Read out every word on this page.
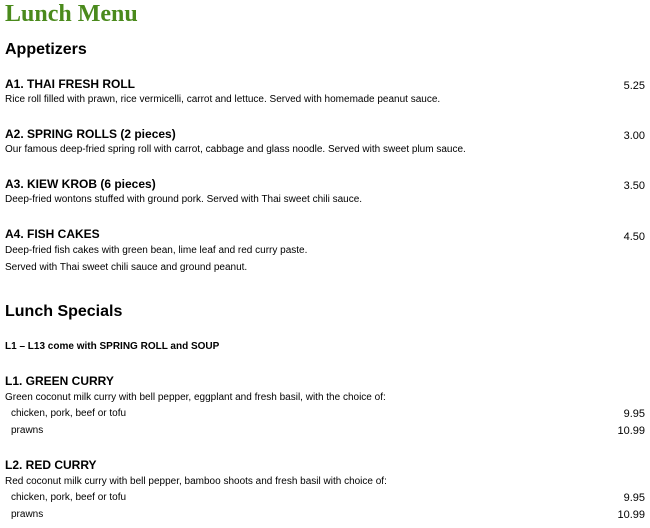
Lunch Menu
Appetizers
A1. THAI FRESH ROLL	5.25
Rice roll filled with prawn, rice vermicelli, carrot and lettuce. Served with homemade peanut sauce.
A2. SPRING ROLLS (2 pieces)	3.00
Our famous deep-fried spring roll with carrot, cabbage and glass noodle. Served with sweet plum sauce.
A3. KIEW KROB (6 pieces)	3.50
Deep-fried wontons stuffed with ground pork. Served with Thai sweet chili sauce.
A4. FISH CAKES	4.50
Deep-fried fish cakes with green bean, lime leaf and red curry paste.
Served with Thai sweet chili sauce and ground peanut.
Lunch Specials
L1 – L13 come with SPRING ROLL and SOUP
L1. GREEN CURRY
Green coconut milk curry with bell pepper, eggplant and fresh basil, with the choice of:
chicken, pork, beef or tofu	9.95
prawns	10.99
L2. RED CURRY
Red coconut milk curry with bell pepper, bamboo shoots and fresh basil with choice of:
chicken, pork, beef or tofu	9.95
prawns	10.99
